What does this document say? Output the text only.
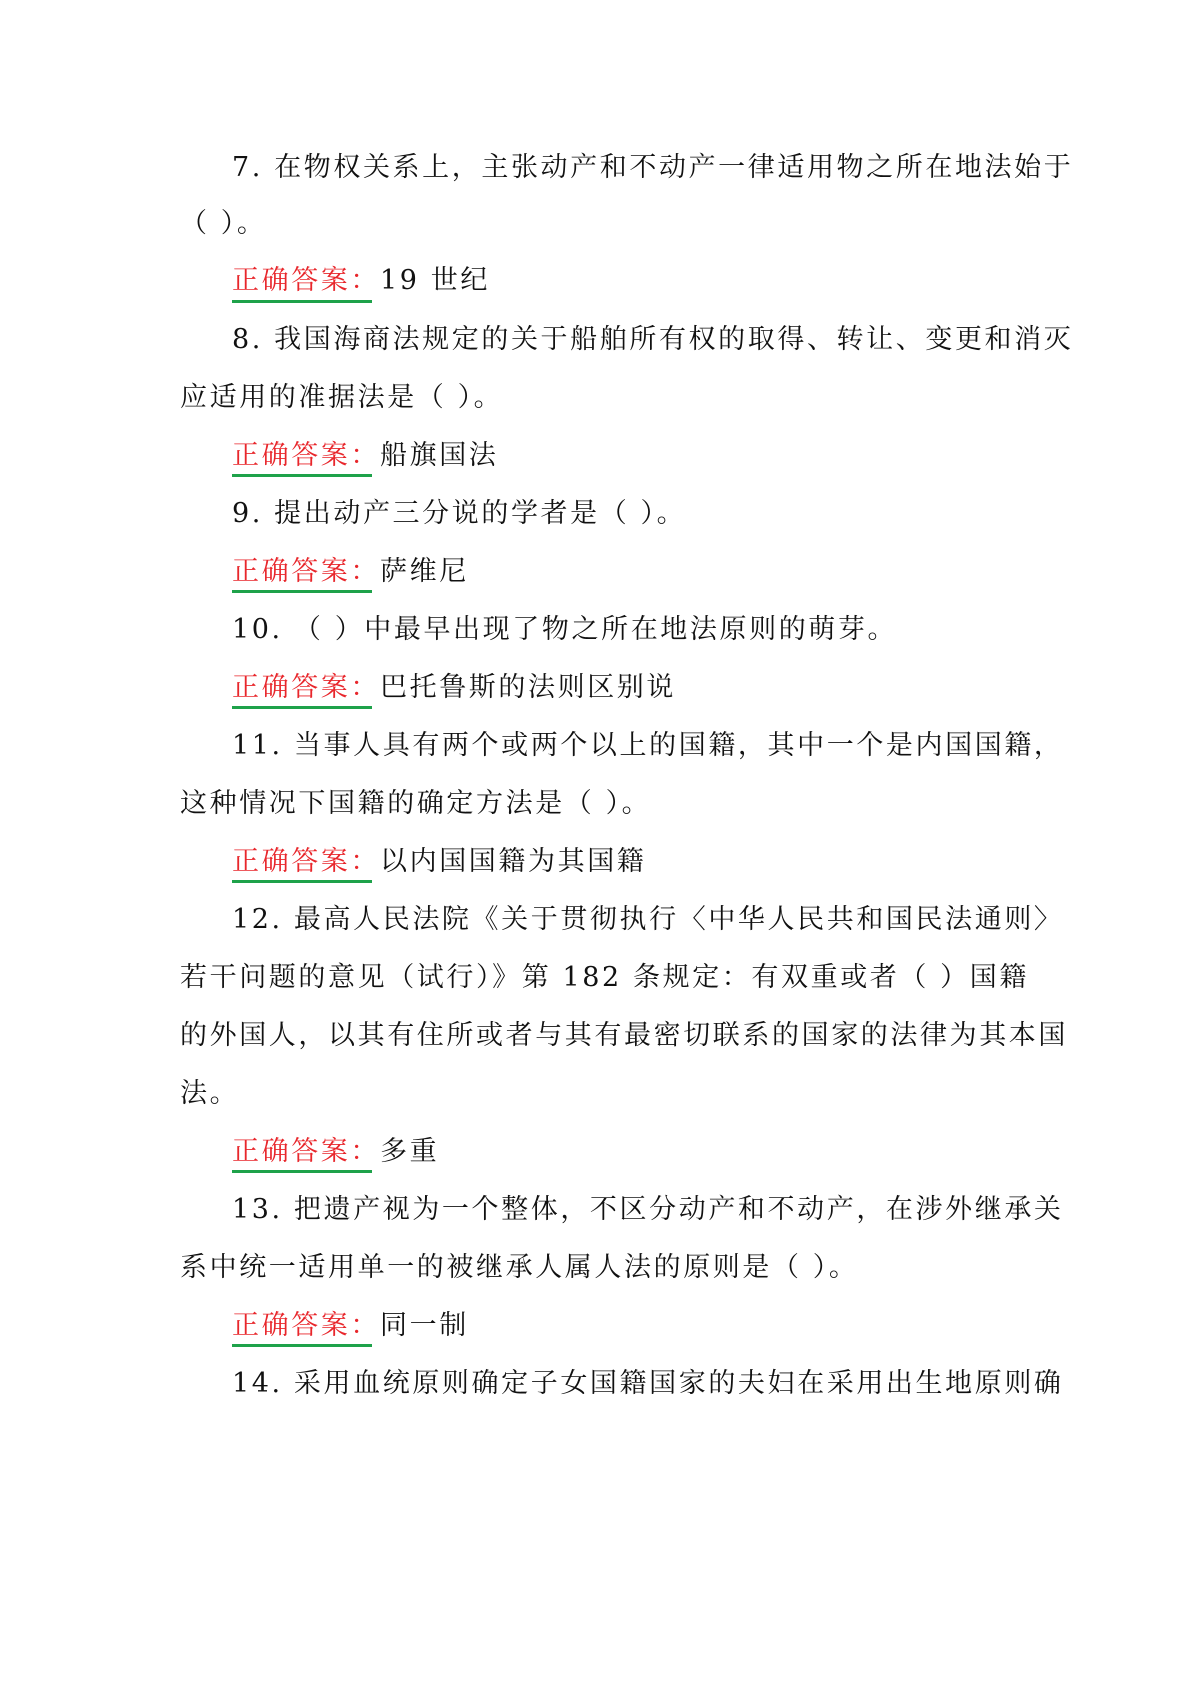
7. 在物权关系上，主张动产和不动产一律适用物之所在地法始于
（ ）。
正确答案：19 世纪
8. 我国海商法规定的关于船舶所有权的取得、转让、变更和消灭
应适用的准据法是（ ）。
正确答案：船旗国法
9. 提出动产三分说的学者是（ ）。
正确答案：萨维尼
10. （ ）中最早出现了物之所在地法原则的萌芽。
正确答案：巴托鲁斯的法则区别说
11. 当事人具有两个或两个以上的国籍，其中一个是内国国籍，
这种情况下国籍的确定方法是（ ）。
正确答案：以内国国籍为其国籍
12. 最高人民法院《关于贯彻执行〈中华人民共和国民法通则〉
若干问题的意见（试行）》第 182 条规定：有双重或者（ ）国籍
的外国人，以其有住所或者与其有最密切联系的国家的法律为其本国
法。
正确答案：多重
13. 把遗产视为一个整体，不区分动产和不动产，在涉外继承关
系中统一适用单一的被继承人属人法的原则是（ ）。
正确答案：同一制
14. 采用血统原则确定子女国籍国家的夫妇在采用出生地原则确
